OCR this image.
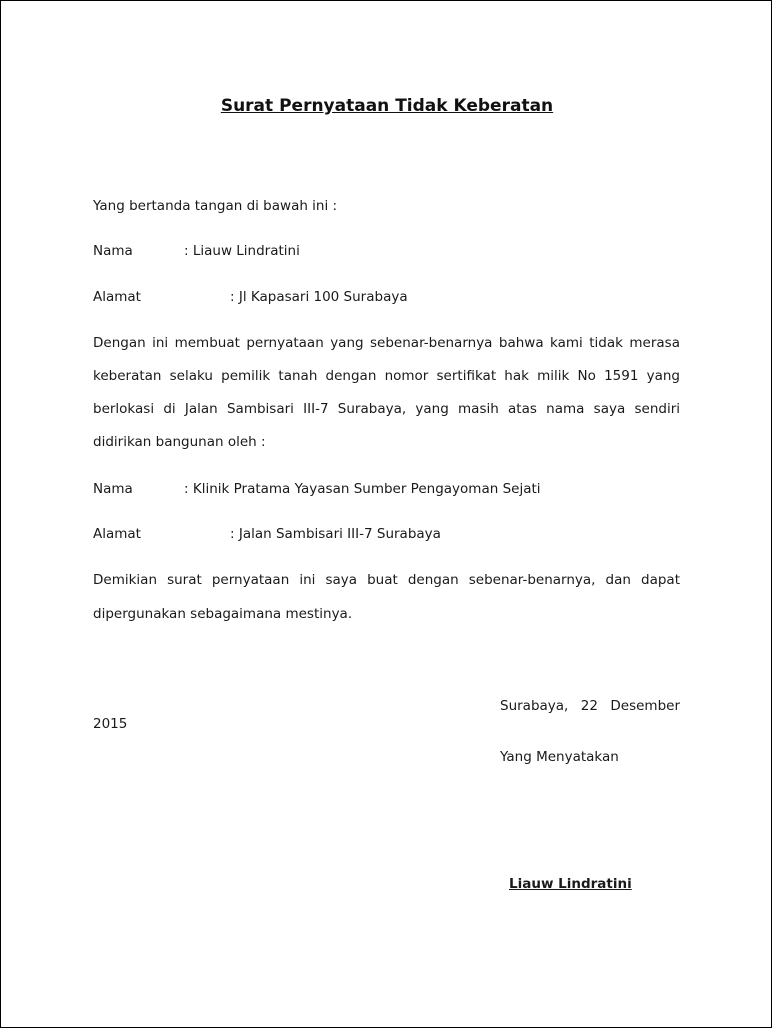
Surat Pernyataan Tidak Keberatan
Yang bertanda tangan di bawah ini :
Nama	: Liauw Lindratini
Alamat	: Jl Kapasari 100 Surabaya
Dengan ini membuat pernyataan yang sebenar-benarnya bahwa kami tidak merasa
keberatan selaku pemilik tanah dengan nomor sertifikat hak milik No 1591 yang
berlokasi di Jalan Sambisari III-7 Surabaya, yang masih atas nama saya sendiri
didirikan bangunan oleh :
Nama	: Klinik Pratama Yayasan Sumber Pengayoman Sejati
Alamat	: Jalan Sambisari III-7 Surabaya
Demikian surat pernyataan ini saya buat dengan sebenar-benarnya, dan dapat
dipergunakan sebagaimana mestinya.
Surabaya, 22 Desember
2015
Yang Menyatakan
Liauw Lindratini
